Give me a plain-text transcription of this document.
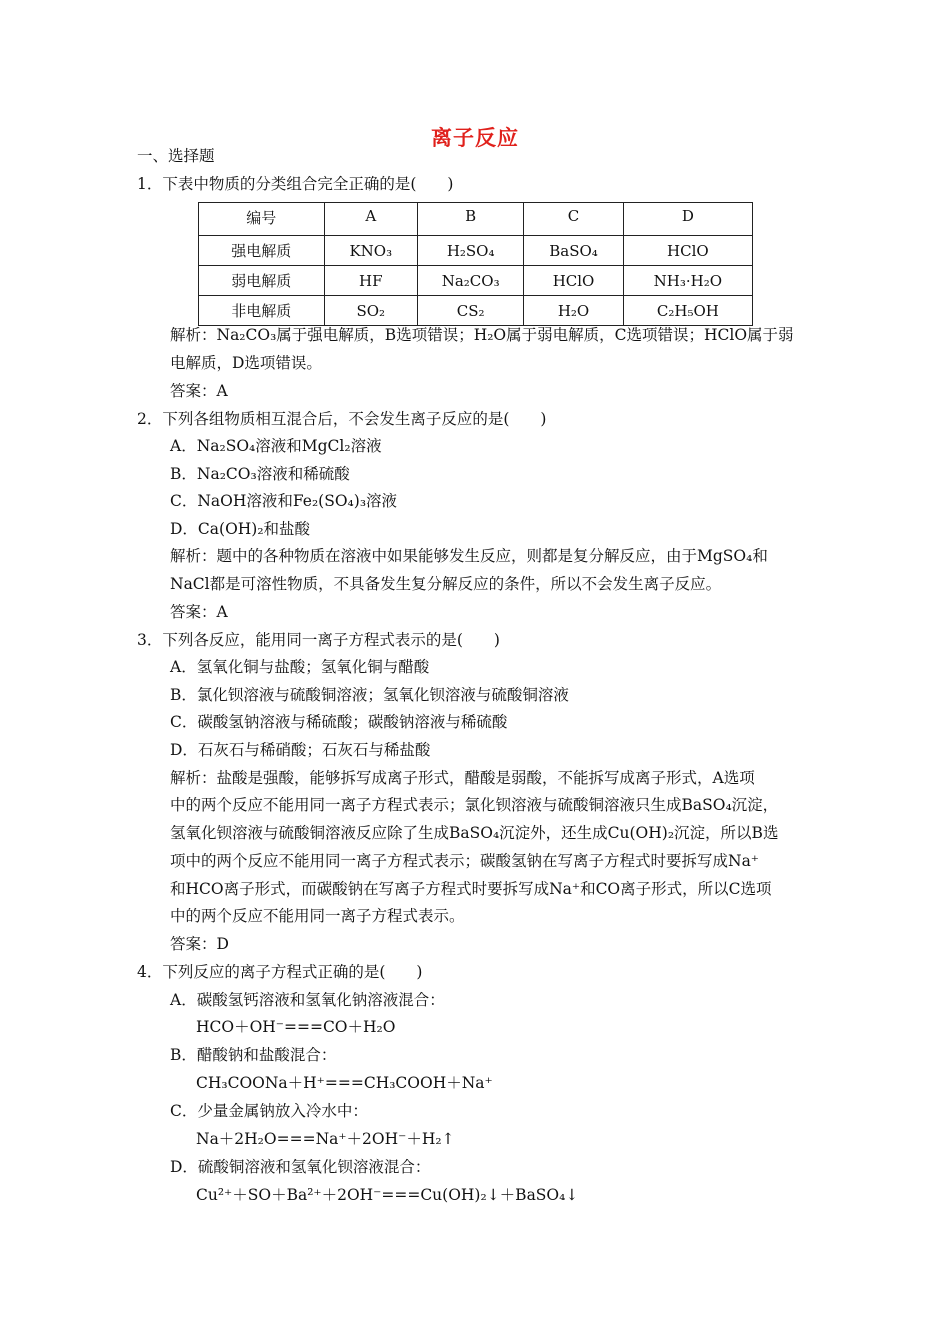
离子反应
一、选择题
1．下表中物质的分类组合完全正确的是(　　)
编号	A	B	C	D
强电解质	KNO₃	H₂SO₄	BaSO₄	HClO
弱电解质	HF	Na₂CO₃	HClO	NH₃·H₂O
非电解质	SO₂	CS₂	H₂O	C₂H₅OH
解析：Na₂CO₃属于强电解质，B选项错误；H₂O属于弱电解质，C选项错误；HClO属于弱
电解质，D选项错误。
答案：A
2．下列各组物质相互混合后，不会发生离子反应的是(　　)
A．Na₂SO₄溶液和MgCl₂溶液
B．Na₂CO₃溶液和稀硫酸
C．NaOH溶液和Fe₂(SO₄)₃溶液
D．Ca(OH)₂和盐酸
解析：题中的各种物质在溶液中如果能够发生反应，则都是复分解反应，由于MgSO₄和
NaCl都是可溶性物质，不具备发生复分解反应的条件，所以不会发生离子反应。
答案：A
3．下列各反应，能用同一离子方程式表示的是(　　)
A．氢氧化铜与盐酸；氢氧化铜与醋酸
B．氯化钡溶液与硫酸铜溶液；氢氧化钡溶液与硫酸铜溶液
C．碳酸氢钠溶液与稀硫酸；碳酸钠溶液与稀硫酸
D．石灰石与稀硝酸；石灰石与稀盐酸
解析：盐酸是强酸，能够拆写成离子形式，醋酸是弱酸，不能拆写成离子形式，A选项
中的两个反应不能用同一离子方程式表示；氯化钡溶液与硫酸铜溶液只生成BaSO₄沉淀，
氢氧化钡溶液与硫酸铜溶液反应除了生成BaSO₄沉淀外，还生成Cu(OH)₂沉淀，所以B选
项中的两个反应不能用同一离子方程式表示；碳酸氢钠在写离子方程式时要拆写成Na⁺
和HCO离子形式，而碳酸钠在写离子方程式时要拆写成Na⁺和CO离子形式，所以C选项
中的两个反应不能用同一离子方程式表示。
答案：D
4．下列反应的离子方程式正确的是(　　)
A．碳酸氢钙溶液和氢氧化钠溶液混合：
HCO＋OH⁻===CO＋H₂O
B．醋酸钠和盐酸混合：
CH₃COONa＋H⁺===CH₃COOH＋Na⁺
C．少量金属钠放入冷水中：
Na＋2H₂O===Na⁺＋2OH⁻＋H₂↑
D．硫酸铜溶液和氢氧化钡溶液混合：
Cu²⁺＋SO＋Ba²⁺＋2OH⁻===Cu(OH)₂↓＋BaSO₄↓
